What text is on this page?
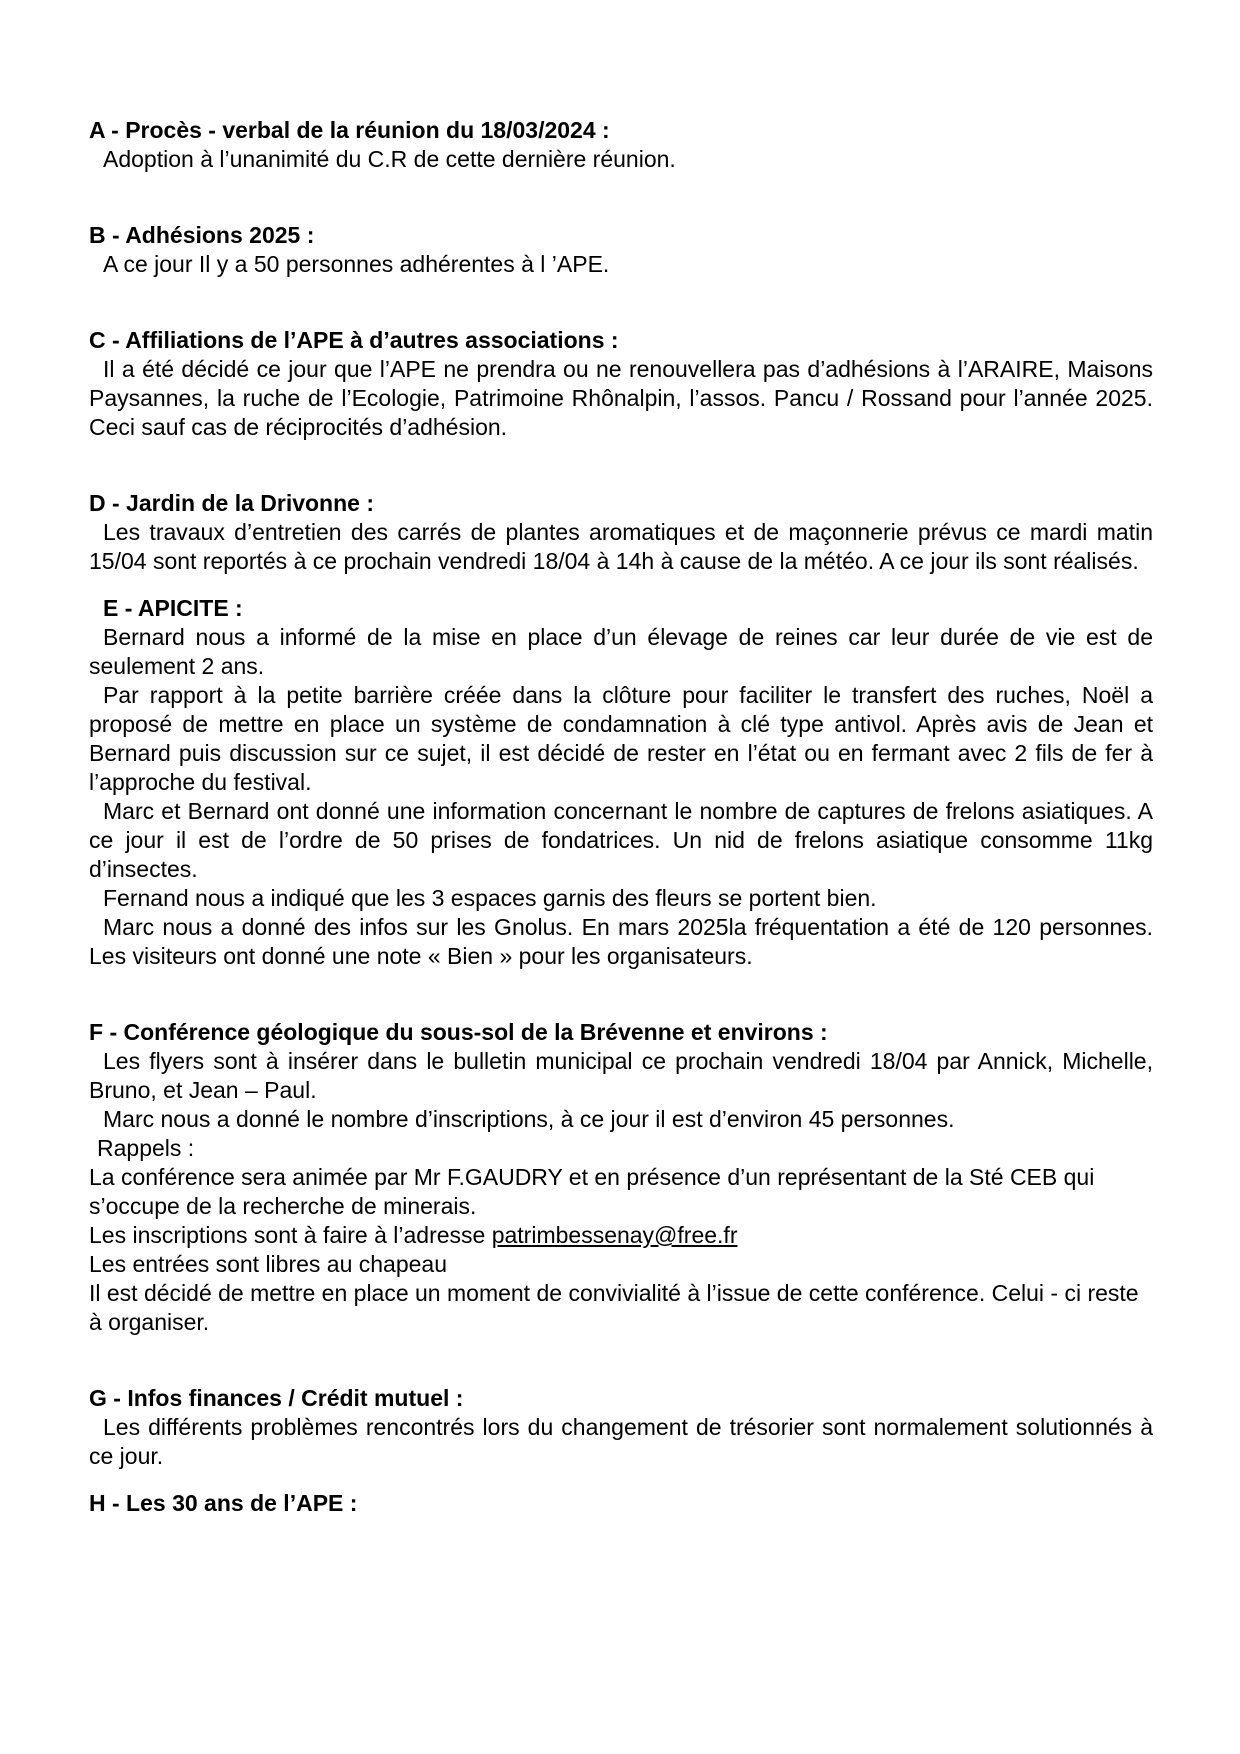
A - Procès - verbal de la réunion du 18/03/2024 :

Adoption à l’unanimité du C.R de cette dernière réunion.

B - Adhésions 2025 :

A ce jour Il y a 50 personnes adhérentes à l ’APE.

C - Affiliations de l’APE à d’autres associations :

Il a été décidé ce jour que l’APE ne prendra ou ne renouvellera pas d’adhésions à l’ARAIRE, Maisons Paysannes, la ruche de l’Ecologie, Patrimoine Rhônalpin, l’assos. Pancu / Rossand pour l’année 2025. Ceci sauf cas de réciprocités d’adhésion.

D - Jardin de la Drivonne :

Les travaux d’entretien des carrés de plantes aromatiques et de maçonnerie prévus ce mardi matin 15/04 sont reportés à ce prochain vendredi 18/04 à 14h à cause de la météo. A ce jour ils sont réalisés.

E - APICITE :

Bernard nous a informé de la mise en place d’un élevage de reines car leur durée de vie est de seulement 2 ans.

Par rapport à la petite barrière créée dans la clôture pour faciliter le transfert des ruches, Noël a proposé de mettre en place un système de condamnation à clé type antivol. Après avis de Jean et Bernard puis discussion sur ce sujet, il est décidé de rester en l’état ou en fermant avec 2 fils de fer à l’approche du festival.

Marc et Bernard ont donné une information concernant le nombre de captures de frelons asiatiques. A ce jour il est de l’ordre de 50 prises de fondatrices. Un nid de frelons asiatique consomme 11kg d’insectes.

Fernand nous a indiqué que les 3 espaces garnis des fleurs se portent bien.

Marc nous a donné des infos sur les Gnolus. En mars 2025la fréquentation a été de 120 personnes. Les visiteurs ont donné une note « Bien » pour les organisateurs.

F - Conférence géologique du sous-sol de la Brévenne et environs :

Les flyers sont à insérer dans le bulletin municipal ce prochain vendredi 18/04 par Annick, Michelle, Bruno, et Jean – Paul.

Marc nous a donné le nombre d’inscriptions, à ce jour il est d’environ 45 personnes.

Rappels :

La conférence sera animée par Mr F.GAUDRY et en présence d’un représentant de la Sté CEB qui s’occupe de la recherche de minerais.

Les inscriptions sont à faire à l’adresse patrimbessenay@free.fr

Les entrées sont libres au chapeau

Il est décidé de mettre en place un moment de convivialité à l’issue de cette conférence. Celui - ci reste à organiser.

G - Infos finances / Crédit mutuel :

Les différents problèmes rencontrés lors du changement de trésorier sont normalement solutionnés à ce jour.

H - Les 30 ans de l’APE :
